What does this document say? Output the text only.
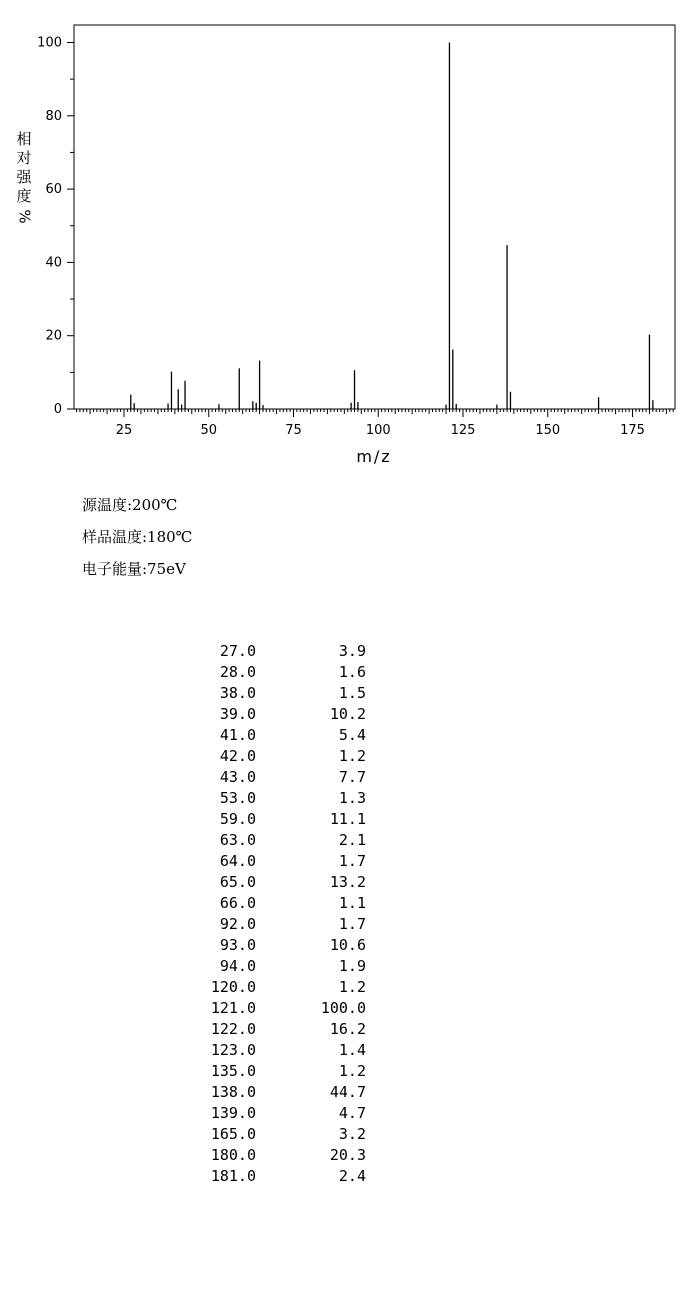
0
20
40
60
80
100
25	50	75	100	125	150	175
m/z
相
对
强
度
%
源温度:200℃
样品温度:180℃
电子能量:75eV
27.0	3.9
28.0	1.6
38.0	1.5
39.0	10.2
41.0	5.4
42.0	1.2
43.0	7.7
53.0	1.3
59.0	11.1
63.0	2.1
64.0	1.7
65.0	13.2
66.0	1.1
92.0	1.7
93.0	10.6
94.0	1.9
120.0	1.2
121.0	100.0
122.0	16.2
123.0	1.4
135.0	1.2
138.0	44.7
139.0	4.7
165.0	3.2
180.0	20.3
181.0	2.4
